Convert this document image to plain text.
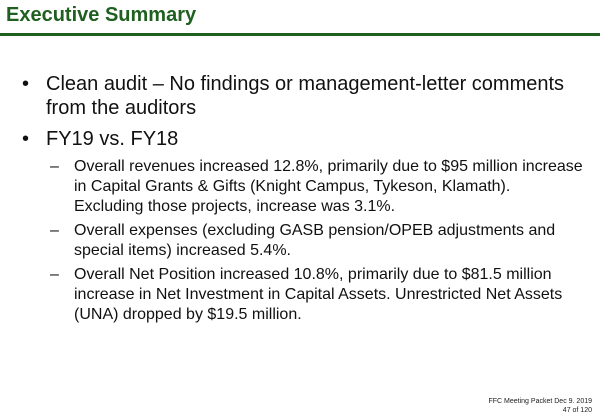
Executive Summary
• Clean audit – No findings or management-letter comments from the auditors
• FY19 vs. FY18
– Overall revenues increased 12.8%, primarily due to $95 million increase in Capital Grants & Gifts (Knight Campus, Tykeson, Klamath).  Excluding those projects, increase was 3.1%.
– Overall expenses (excluding GASB pension/OPEB adjustments and special items) increased 5.4%.
– Overall Net Position increased 10.8%, primarily due to $81.5 million increase in Net Investment in Capital Assets. Unrestricted Net Assets (UNA) dropped by $19.5 million.
FFC Meeting Packet Dec 9. 2019
47 of 120
